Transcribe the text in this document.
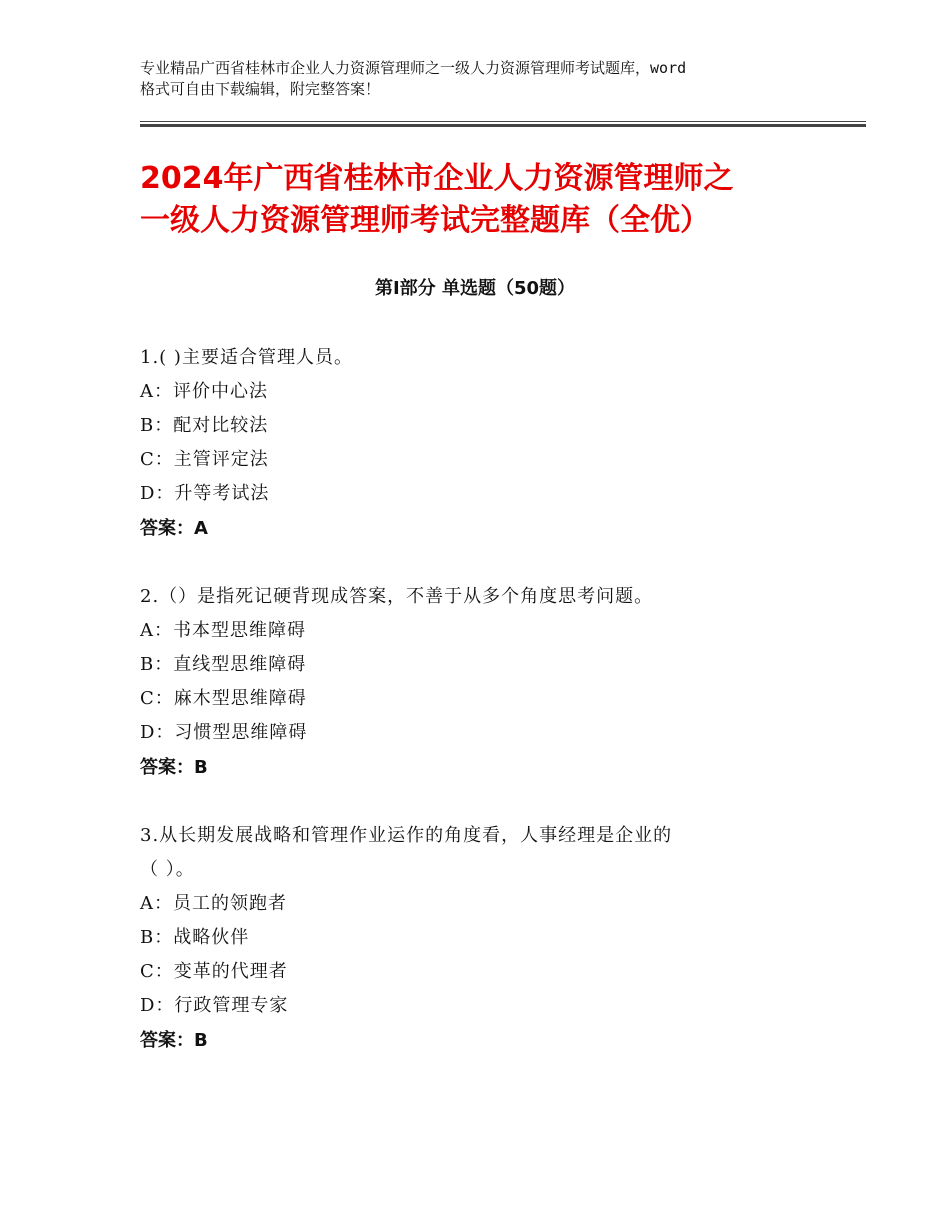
专业精品广西省桂林市企业人力资源管理师之一级人力资源管理师考试题库，word
格式可自由下载编辑，附完整答案！
2024年广西省桂林市企业人力资源管理师之
一级人力资源管理师考试完整题库（全优）
第Ⅰ部分 单选题（50题）
1.( )主要适合管理人员。
A：评价中心法
B：配对比较法
C：主管评定法
D：升等考试法
答案：A
2.（）是指死记硬背现成答案，不善于从多个角度思考问题。
A：书本型思维障碍
B：直线型思维障碍
C：麻木型思维障碍
D：习惯型思维障碍
答案：B
3.从长期发展战略和管理作业运作的角度看，人事经理是企业的
（ ）。
A：员工的领跑者
B：战略伙伴
C：变革的代理者
D：行政管理专家
答案：B
